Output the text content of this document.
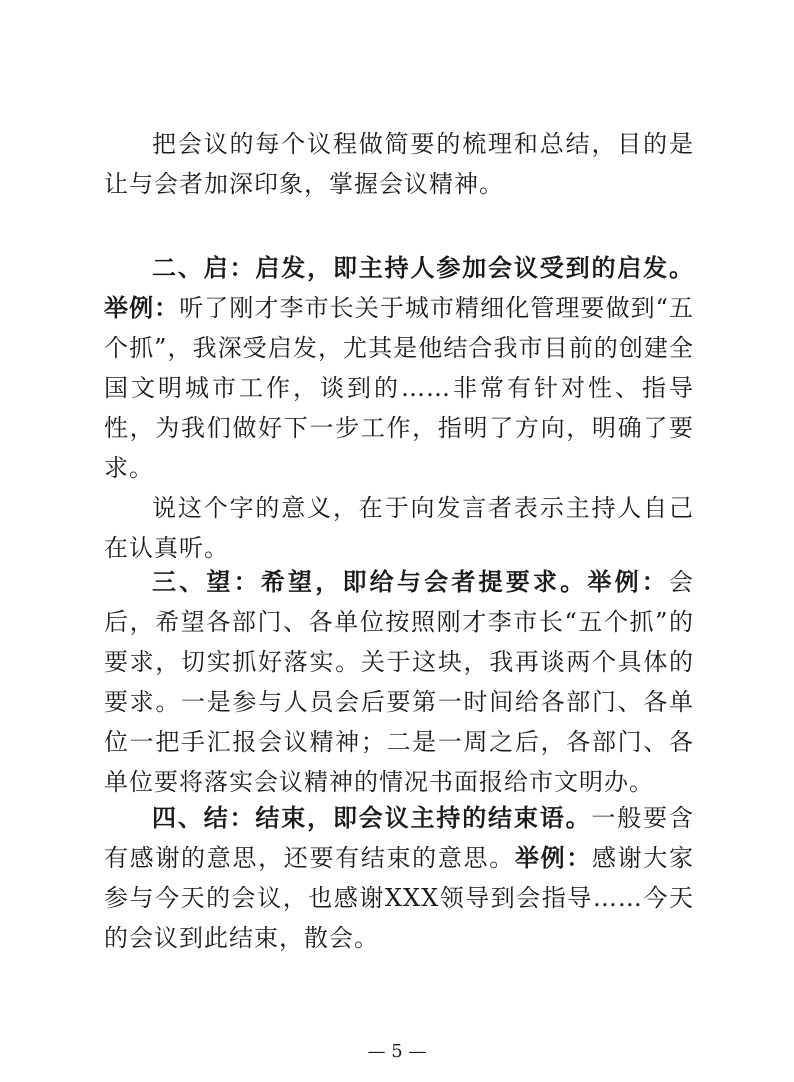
把会议的每个议程做简要的梳理和总结，目的是让与会者加深印象，掌握会议精神。

二、启：启发，即主持人参加会议受到的启发。举例：听了刚才李市长关于城市精细化管理要做到“五个抓”，我深受启发，尤其是他结合我市目前的创建全国文明城市工作，谈到的……非常有针对性、指导性，为我们做好下一步工作，指明了方向，明确了要求。

说这个字的意义，在于向发言者表示主持人自己在认真听。

三、望：希望，即给与会者提要求。举例：会后，希望各部门、各单位按照刚才李市长“五个抓”的要求，切实抓好落实。关于这块，我再谈两个具体的要求。一是参与人员会后要第一时间给各部门、各单位一把手汇报会议精神；二是一周之后，各部门、各单位要将落实会议精神的情况书面报给市文明办。

四、结：结束，即会议主持的结束语。一般要含有感谢的意思，还要有结束的意思。举例：感谢大家参与今天的会议，也感谢XXX领导到会指导……今天的会议到此结束，散会。

— 5 —
